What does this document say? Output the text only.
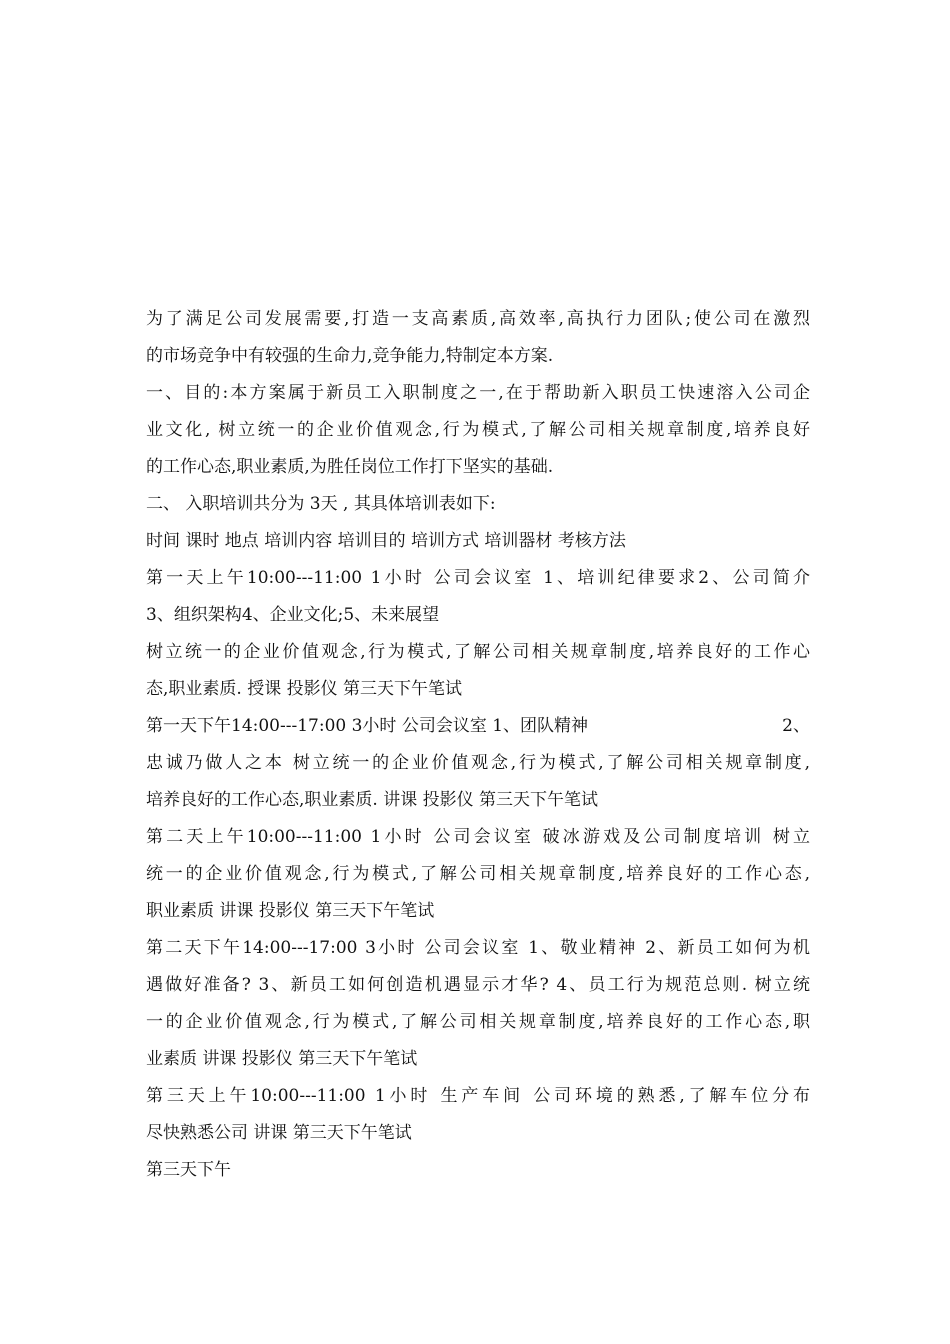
为了满足公司发展需要,打造一支高素质,高效率,高执行力团队;使公司在激烈
的市场竞争中有较强的生命力,竞争能力,特制定本方案.
一、目的:本方案属于新员工入职制度之一,在于帮助新入职员工快速溶入公司企
业文化, 树立统一的企业价值观念,行为模式,了解公司相关规章制度,培养良好
的工作心态,职业素质,为胜任岗位工作打下坚实的基础.
二、 入职培训共分为 3天 , 其具体培训表如下:
时间 课时 地点 培训内容 培训目的 培训方式 培训器材 考核方法
第一天上午10:00---11:00 1小时 公司会议室 1、培训纪律要求2、公司简介
3、组织架构4、企业文化;5、未来展望
树立统一的企业价值观念,行为模式,了解公司相关规章制度,培养良好的工作心
态,职业素质. 授课 投影仪 第三天下午笔试
第一天下午14:00---17:00 3小时 公司会议室 1、团队精神	2、
忠诚乃做人之本 树立统一的企业价值观念,行为模式,了解公司相关规章制度,
培养良好的工作心态,职业素质. 讲课 投影仪 第三天下午笔试
第二天上午10:00---11:00 1小时 公司会议室 破冰游戏及公司制度培训 树立
统一的企业价值观念,行为模式,了解公司相关规章制度,培养良好的工作心态,
职业素质 讲课 投影仪 第三天下午笔试
第二天下午14:00---17:00 3小时 公司会议室 1、敬业精神 2、新员工如何为机
遇做好准备? 3、新员工如何创造机遇显示才华? 4、员工行为规范总则. 树立统
一的企业价值观念,行为模式,了解公司相关规章制度,培养良好的工作心态,职
业素质 讲课 投影仪 第三天下午笔试
第三天上午10:00---11:00 1小时 生产车间 公司环境的熟悉,了解车位分布
尽快熟悉公司 讲课 第三天下午笔试
第三天下午
